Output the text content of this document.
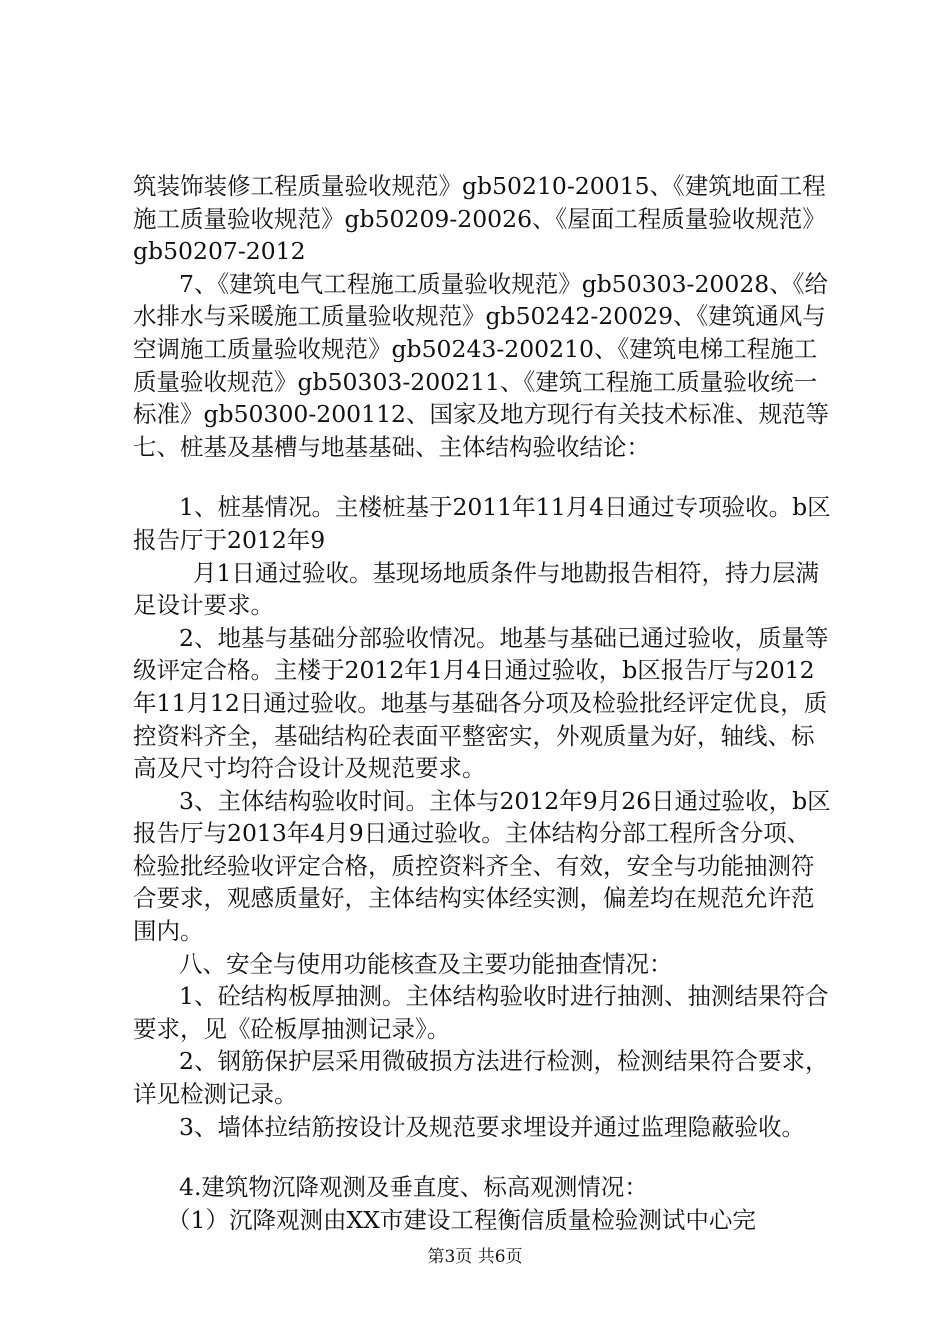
筑装饰装修工程质量验收规范》gb50210-20015、《建筑地面工程施工质量验收规范》gb50209-20026、《屋面工程质量验收规范》gb50207-2012

7、《建筑电气工程施工质量验收规范》gb50303-20028、《给水排水与采暖施工质量验收规范》gb50242-20029、《建筑通风与空调施工质量验收规范》gb50243-200210、《建筑电梯工程施工质量验收规范》gb50303-200211、《建筑工程施工质量验收统一标准》gb50300-200112、国家及地方现行有关技术标准、规范等七、桩基及基槽与地基基础、主体结构验收结论：

1、桩基情况。主楼桩基于2011年11月4日通过专项验收。b区报告厅于2012年9

月1日通过验收。基现场地质条件与地勘报告相符，持力层满足设计要求。

2、地基与基础分部验收情况。地基与基础已通过验收，质量等级评定合格。主楼于2012年1月4日通过验收，b区报告厅与2012年11月12日通过验收。地基与基础各分项及检验批经评定优良，质控资料齐全，基础结构砼表面平整密实，外观质量为好，轴线、标高及尺寸均符合设计及规范要求。

3、主体结构验收时间。主体与2012年9月26日通过验收，b区报告厅与2013年4月9日通过验收。主体结构分部工程所含分项、检验批经验收评定合格，质控资料齐全、有效，安全与功能抽测符合要求，观感质量好，主体结构实体经实测，偏差均在规范允许范围内。

八、安全与使用功能核查及主要功能抽查情况：

1、砼结构板厚抽测。主体结构验收时进行抽测、抽测结果符合要求，见《砼板厚抽测记录》。

2、钢筋保护层采用微破损方法进行检测，检测结果符合要求，详见检测记录。

3、墙体拉结筋按设计及规范要求埋设并通过监理隐蔽验收。

4.建筑物沉降观测及垂直度、标高观测情况：

（1）沉降观测由XX市建设工程衡信质量检验测试中心完

第3页 共6页
